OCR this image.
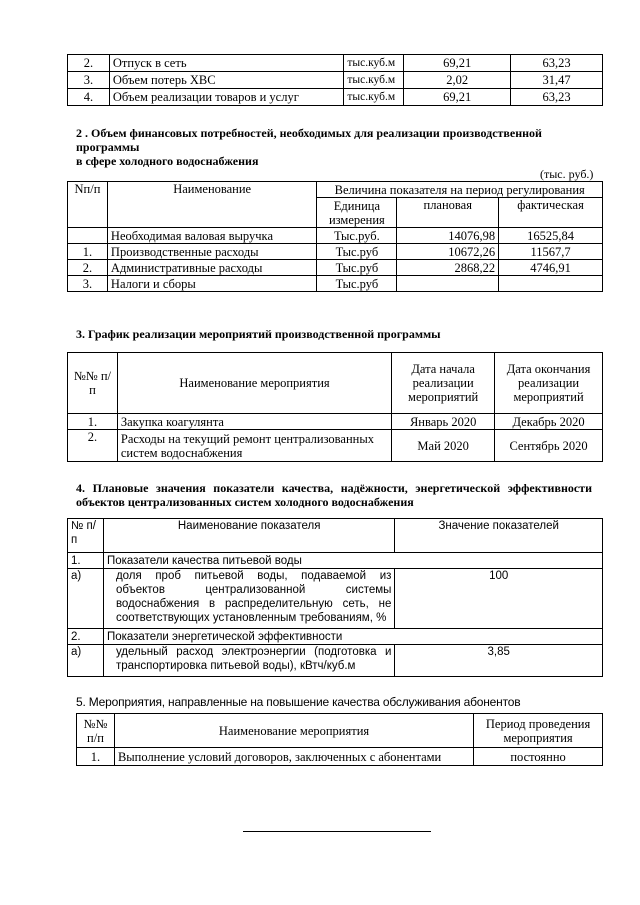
2.	Отпуск в сеть	тыс.куб.м	69,21	63,23
3.	Объем потерь ХВС	тыс.куб.м	2,02	31,47
4.	Объем реализации товаров и услуг	тыс.куб.м	69,21	63,23
2 . Объем финансовых потребностей, необходимых для реализации производственной программы
в сфере холодного водоснабжения
(тыс. руб.)
Nп/п	Наименование	Величина показателя на период регулирования		
		Единица измерения	плановая	фактическая
	Необходимая валовая выручка	Тыс.руб.	14076,98	16525,84
1.	Производственные расходы	Тыс.руб	10672,26	11567,7
2.	Административные расходы	Тыс.руб	2868,22	4746,91
3.	Налоги и сборы	Тыс.руб		
3. График реализации мероприятий производственной программы
№№ п/п	Наименование мероприятия	Дата начала реализации мероприятий	Дата окончания реализации мероприятий
1.	Закупка коагулянта	Январь 2020	Декабрь 2020
2.	Расходы на текущий ремонт централизованных систем водоснабжения	Май 2020	Сентябрь 2020
4. Плановые значения показатели качества, надёжности, энергетической эффективности
объектов централизованных систем холодного водоснабжения
№ п/п	Наименование показателя	Значение показателей
1.	Показатели качества питьевой воды	
а)	доля проб питьевой воды, подаваемой из объектов централизованной системы водоснабжения в распределительную сеть, не соответствующих установленным требованиям, %	100
2.	Показатели энергетической эффективности	
а)	удельный расход электроэнергии (подготовка и транспортировка питьевой воды), кВтч/куб.м	3,85
5. Мероприятия, направленные на повышение качества обслуживания абонентов
№№ п/п	Наименование мероприятия	Период проведения мероприятия
1.	Выполнение условий договоров, заключенных с абонентами	постоянно
